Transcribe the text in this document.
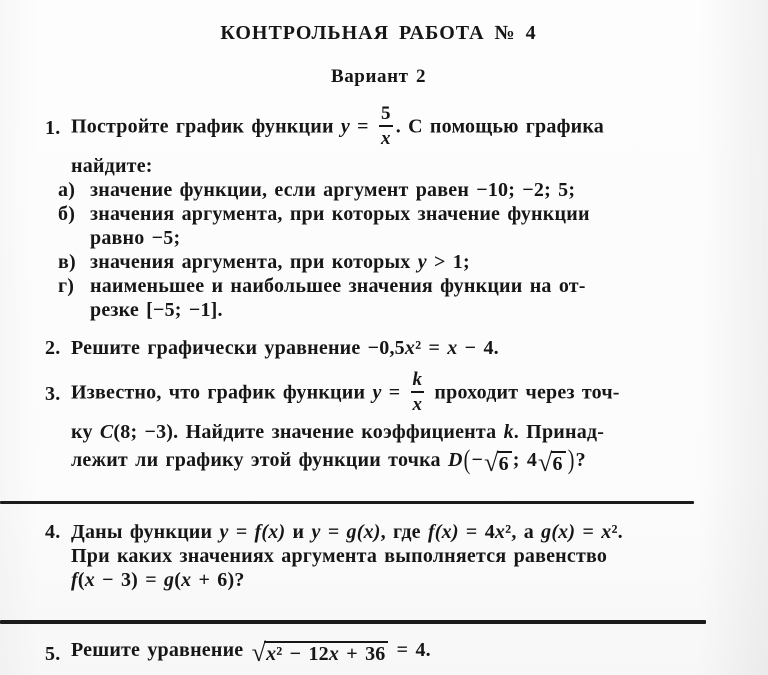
КОНТРОЛЬНАЯ РАБОТА № 4
Вариант 2
1. Постройте график функции $y = \frac{5}{x}$ . С помощью графика
найдите:
а) значение функции, если аргумент равен −10; −2; 5;
б) значения аргумента, при которых значение функции
равно −5;
в) значения аргумента, при которых y > 1;
г) наименьшее и наибольшее значения функции на от-
резке [−5; −1].
2. Решите графически уравнение −0,5x² = x − 4.
3. Известно, что график функции $y = \frac{k}{x}$ проходит через точ-
ку C(8; −3). Найдите значение коэффициента k. Принад-
лежит ли графику этой функции точка D(− √ 6 ; 4 √ 6 )?
4. Даны функции y = f(x) и y = g(x), где f(x) = 4x², а g(x) = x².
При каких значениях аргумента выполняется равенство
f(x − 3) = g(x + 6)?
5. Решите уравнение √ x² − 12x + 36 = 4.
